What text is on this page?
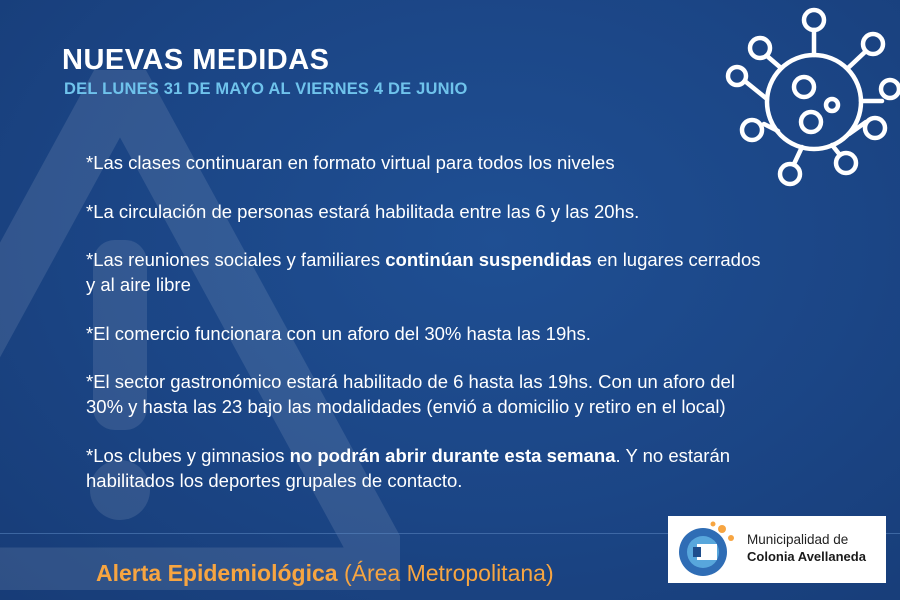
NUEVAS MEDIDAS
DEL LUNES 31 DE MAYO AL VIERNES 4 DE JUNIO

*Las clases continuaran en formato virtual para todos los niveles

*La circulación de personas estará habilitada entre las 6 y las 20hs.

*Las reuniones sociales y familiares continúan suspendidas en lugares cerrados y al aire libre

*El comercio funcionara con un aforo del 30% hasta las 19hs.

*El sector gastronómico estará habilitado de 6 hasta las 19hs. Con un aforo del 30% y hasta las 23 bajo las modalidades (envió a domicilio y retiro en el local)

*Los clubes y gimnasios no podrán abrir durante esta semana. Y no estarán habilitados los deportes grupales de contacto.

Alerta Epidemiológica (Área Metropolitana)
Municipalidad de
Colonia Avellaneda
